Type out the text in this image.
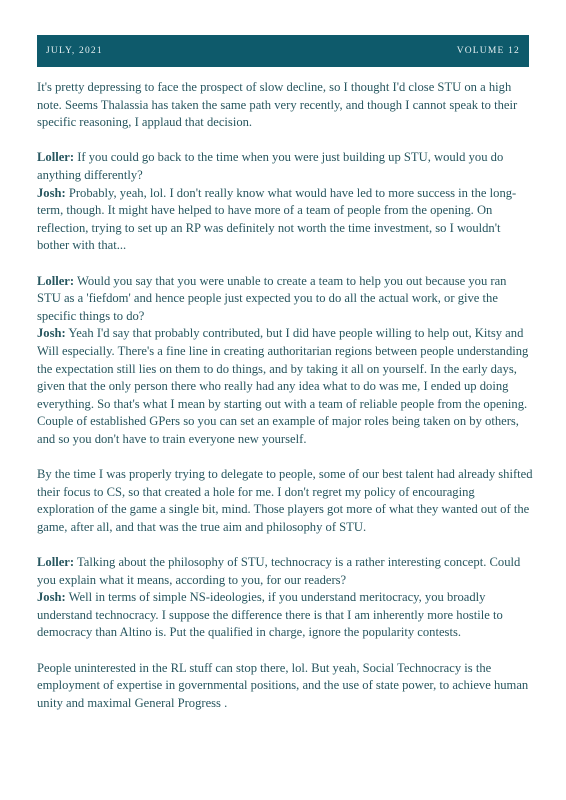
JULY, 2021	VOLUME 12

It's pretty depressing to face the prospect of slow decline, so I thought I'd close STU on a high note. Seems Thalassia has taken the same path very recently, and though I cannot speak to their specific reasoning, I applaud that decision.

Loller: If you could go back to the time when you were just building up STU, would you do anything differently?
Josh: Probably, yeah, lol. I don't really know what would have led to more success in the long-term, though. It might have helped to have more of a team of people from the opening. On reflection, trying to set up an RP was definitely not worth the time investment, so I wouldn't bother with that...

Loller: Would you say that you were unable to create a team to help you out because you ran STU as a 'fiefdom' and hence people just expected you to do all the actual work, or give the specific things to do?
Josh: Yeah I'd say that probably contributed, but I did have people willing to help out, Kitsy and Will especially. There's a fine line in creating authoritarian regions between people understanding the expectation still lies on them to do things, and by taking it all on yourself. In the early days, given that the only person there who really had any idea what to do was me, I ended up doing everything. So that's what I mean by starting out with a team of reliable people from the opening. Couple of established GPers so you can set an example of major roles being taken on by others, and so you don't have to train everyone new yourself.

By the time I was properly trying to delegate to people, some of our best talent had already shifted their focus to CS, so that created a hole for me. I don't regret my policy of encouraging exploration of the game a single bit, mind. Those players got more of what they wanted out of the game, after all, and that was the true aim and philosophy of STU.

Loller: Talking about the philosophy of STU, technocracy is a rather interesting concept. Could you explain what it means, according to you, for our readers?
Josh: Well in terms of simple NS-ideologies, if you understand meritocracy, you broadly understand technocracy. I suppose the difference there is that I am inherently more hostile to democracy than Altino is. Put the qualified in charge, ignore the popularity contests.

People uninterested in the RL stuff can stop there, lol. But yeah, Social Technocracy is the employment of expertise in governmental positions, and the use of state power, to achieve human unity and maximal General Progress .
